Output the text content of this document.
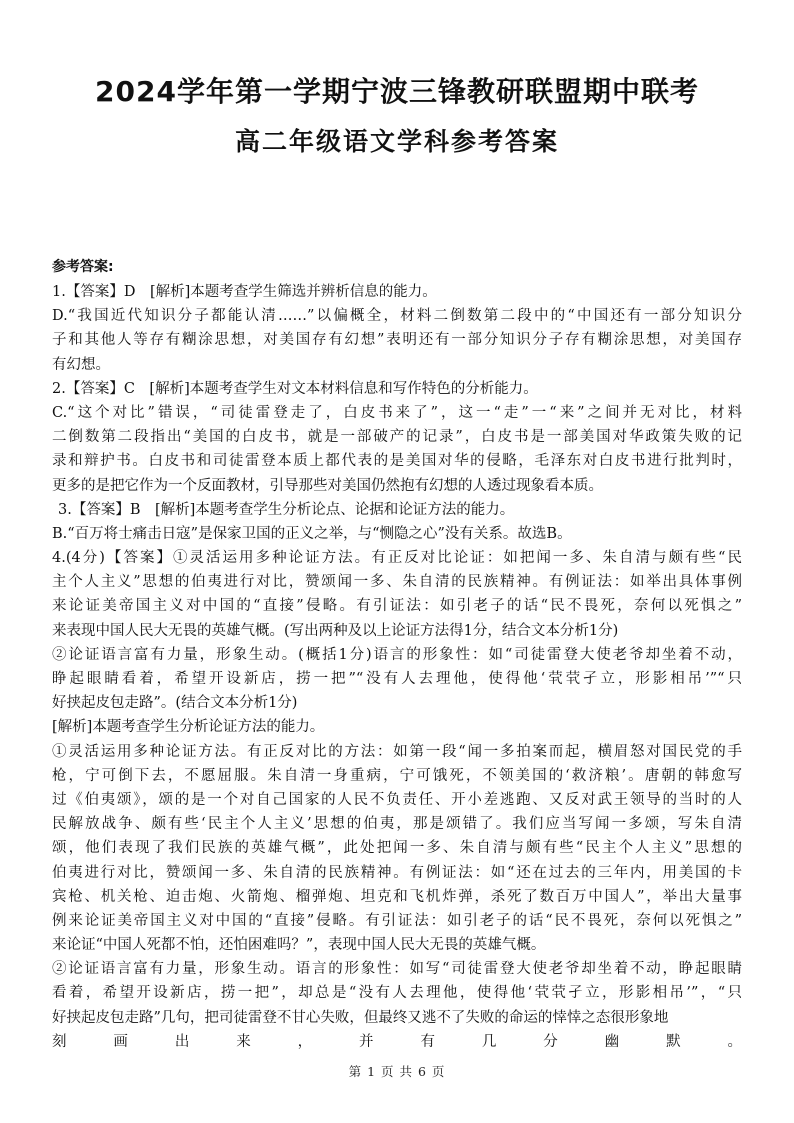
2024学年第一学期宁波三锋教研联盟期中联考
高二年级语文学科参考答案
参考答案:
1.【答案】D　[解析]本题考查学生筛选并辨析信息的能力。
D.“我国近代知识分子都能认清……”以偏概全，材料二倒数第二段中的“中国还有一部分知识分
子和其他人等存有糊涂思想，对美国存有幻想”表明还有一部分知识分子存有糊涂思想，对美国存
有幻想。
2.【答案】C　[解析]本题考查学生对文本材料信息和写作特色的分析能力。
C.“这个对比”错误，“司徒雷登走了，白皮书来了”，这一“走”一“来”之间并无对比，材料
二倒数第二段指出“美国的白皮书，就是一部破产的记录”，白皮书是一部美国对华政策失败的记
录和辩护书。白皮书和司徒雷登本质上都代表的是美国对华的侵略，毛泽东对白皮书进行批判时，
更多的是把它作为一个反面教材，引导那些对美国仍然抱有幻想的人透过现象看本质。
3.【答案】B　[解析]本题考查学生分析论点、论据和论证方法的能力。
B.“百万将士痛击日寇”是保家卫国的正义之举，与“恻隐之心”没有关系。故选B。
4.(4分)【答案】①灵活运用多种论证方法。有正反对比论证：如把闻一多、朱自清与颇有些“民
主个人主义”思想的伯夷进行对比，赞颂闻一多、朱自清的民族精神。有例证法：如举出具体事例
来论证美帝国主义对中国的“直接”侵略。有引证法：如引老子的话“民不畏死，奈何以死惧之”
来表现中国人民大无畏的英雄气概。(写出两种及以上论证方法得1分，结合文本分析1分)
②论证语言富有力量，形象生动。(概括1分)语言的形象性：如“司徒雷登大使老爷却坐着不动，
睁起眼睛看着，希望开设新店，捞一把”“没有人去理他，使得他‘茕茕孑立，形影相吊’”“只
好挟起皮包走路”。(结合文本分析1分)
[解析]本题考查学生分析论证方法的能力。
①灵活运用多种论证方法。有正反对比的方法：如第一段“闻一多拍案而起，横眉怒对国民党的手
枪，宁可倒下去，不愿屈服。朱自清一身重病，宁可饿死，不领美国的‘救济粮’。唐朝的韩愈写
过《伯夷颂》，颂的是一个对自己国家的人民不负责任、开小差逃跑、又反对武王领导的当时的人
民解放战争、颇有些‘民主个人主义’思想的伯夷，那是颂错了。我们应当写闻一多颂，写朱自清
颂，他们表现了我们民族的英雄气概”，此处把闻一多、朱自清与颇有些“民主个人主义”思想的
伯夷进行对比，赞颂闻一多、朱自清的民族精神。有例证法：如“还在过去的三年内，用美国的卡
宾枪、机关枪、迫击炮、火箭炮、榴弹炮、坦克和飞机炸弹，杀死了数百万中国人”，举出大量事
例来论证美帝国主义对中国的“直接”侵略。有引证法：如引老子的话“民不畏死，奈何以死惧之”
来论证“中国人死都不怕，还怕困难吗？”，表现中国人民大无畏的英雄气概。
②论证语言富有力量，形象生动。语言的形象性：如写“司徒雷登大使老爷却坐着不动，睁起眼睛
看着，希望开设新店，捞一把”，却总是“没有人去理他，使得他‘茕茕孑立，形影相吊’”，“只
好挟起皮包走路”几句，把司徒雷登不甘心失败，但最终又逃不了失败的命运的悻悻之态很形象地
刻画出来，并有几分幽默。
第 1 页 共 6 页
